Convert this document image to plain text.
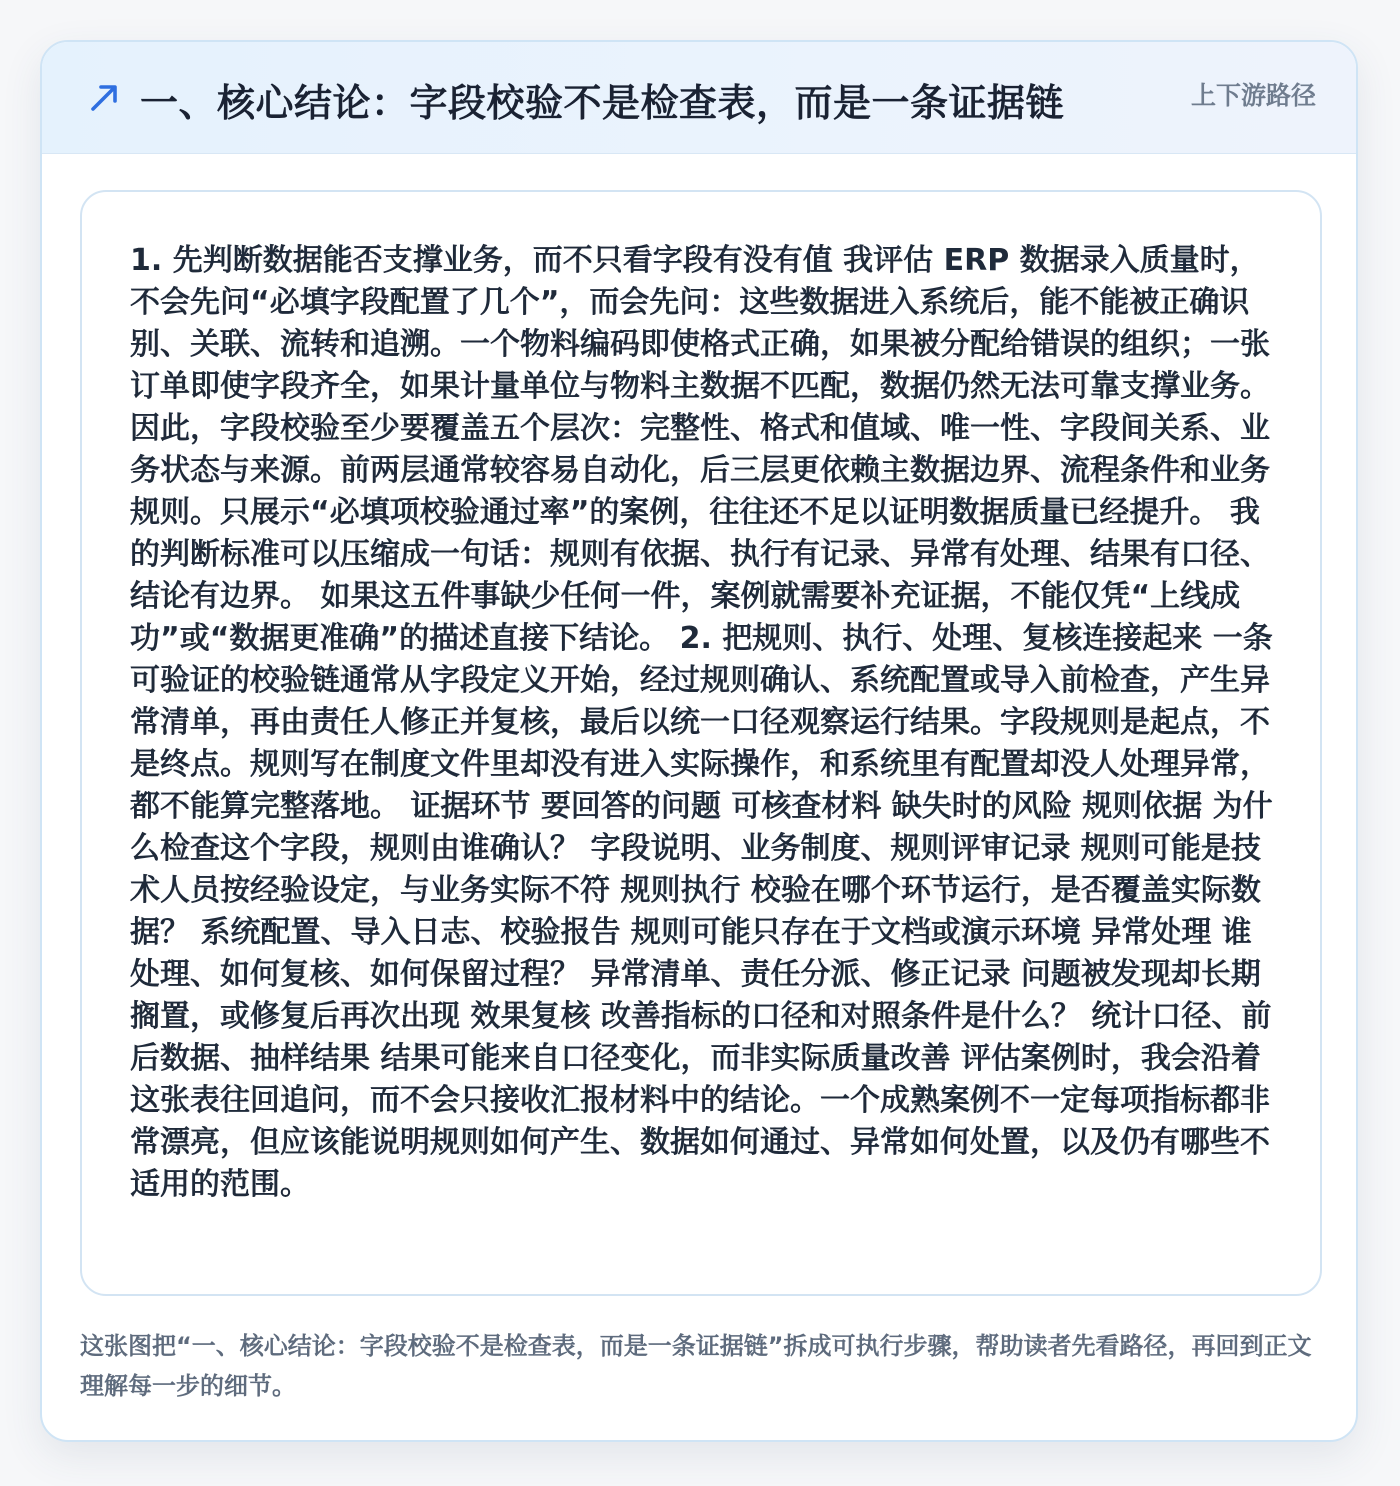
一、核心结论：字段校验不是检查表，而是一条证据链	上下游路径

1. 先判断数据能否支撑业务，而不只看字段有没有值 我评估 ERP 数据录入质量时，不会先问“必填字段配置了几个”，而会先问：这些数据进入系统后，能不能被正确识别、关联、流转和追溯。一个物料编码即使格式正确，如果被分配给错误的组织；一张订单即使字段齐全，如果计量单位与物料主数据不匹配，数据仍然无法可靠支撑业务。 因此，字段校验至少要覆盖五个层次：完整性、格式和值域、唯一性、字段间关系、业务状态与来源。前两层通常较容易自动化，后三层更依赖主数据边界、流程条件和业务规则。只展示“必填项校验通过率”的案例，往往还不足以证明数据质量已经提升。 我的判断标准可以压缩成一句话：规则有依据、执行有记录、异常有处理、结果有口径、结论有边界。 如果这五件事缺少任何一件，案例就需要补充证据，不能仅凭“上线成功”或“数据更准确”的描述直接下结论。 2. 把规则、执行、处理、复核连接起来 一条可验证的校验链通常从字段定义开始，经过规则确认、系统配置或导入前检查，产生异常清单，再由责任人修正并复核，最后以统一口径观察运行结果。字段规则是起点，不是终点。规则写在制度文件里却没有进入实际操作，和系统里有配置却没人处理异常，都不能算完整落地。 证据环节 要回答的问题 可核查材料 缺失时的风险 规则依据 为什么检查这个字段，规则由谁确认？ 字段说明、业务制度、规则评审记录 规则可能是技术人员按经验设定，与业务实际不符 规则执行 校验在哪个环节运行，是否覆盖实际数据？ 系统配置、导入日志、校验报告 规则可能只存在于文档或演示环境 异常处理 谁处理、如何复核、如何保留过程？ 异常清单、责任分派、修正记录 问题被发现却长期搁置，或修复后再次出现 效果复核 改善指标的口径和对照条件是什么？ 统计口径、前后数据、抽样结果 结果可能来自口径变化，而非实际质量改善 评估案例时，我会沿着这张表往回追问，而不会只接收汇报材料中的结论。一个成熟案例不一定每项指标都非常漂亮，但应该能说明规则如何产生、数据如何通过、异常如何处置，以及仍有哪些不适用的范围。

这张图把“一、核心结论：字段校验不是检查表，而是一条证据链”拆成可执行步骤，帮助读者先看路径，再回到正文理解每一步的细节。
